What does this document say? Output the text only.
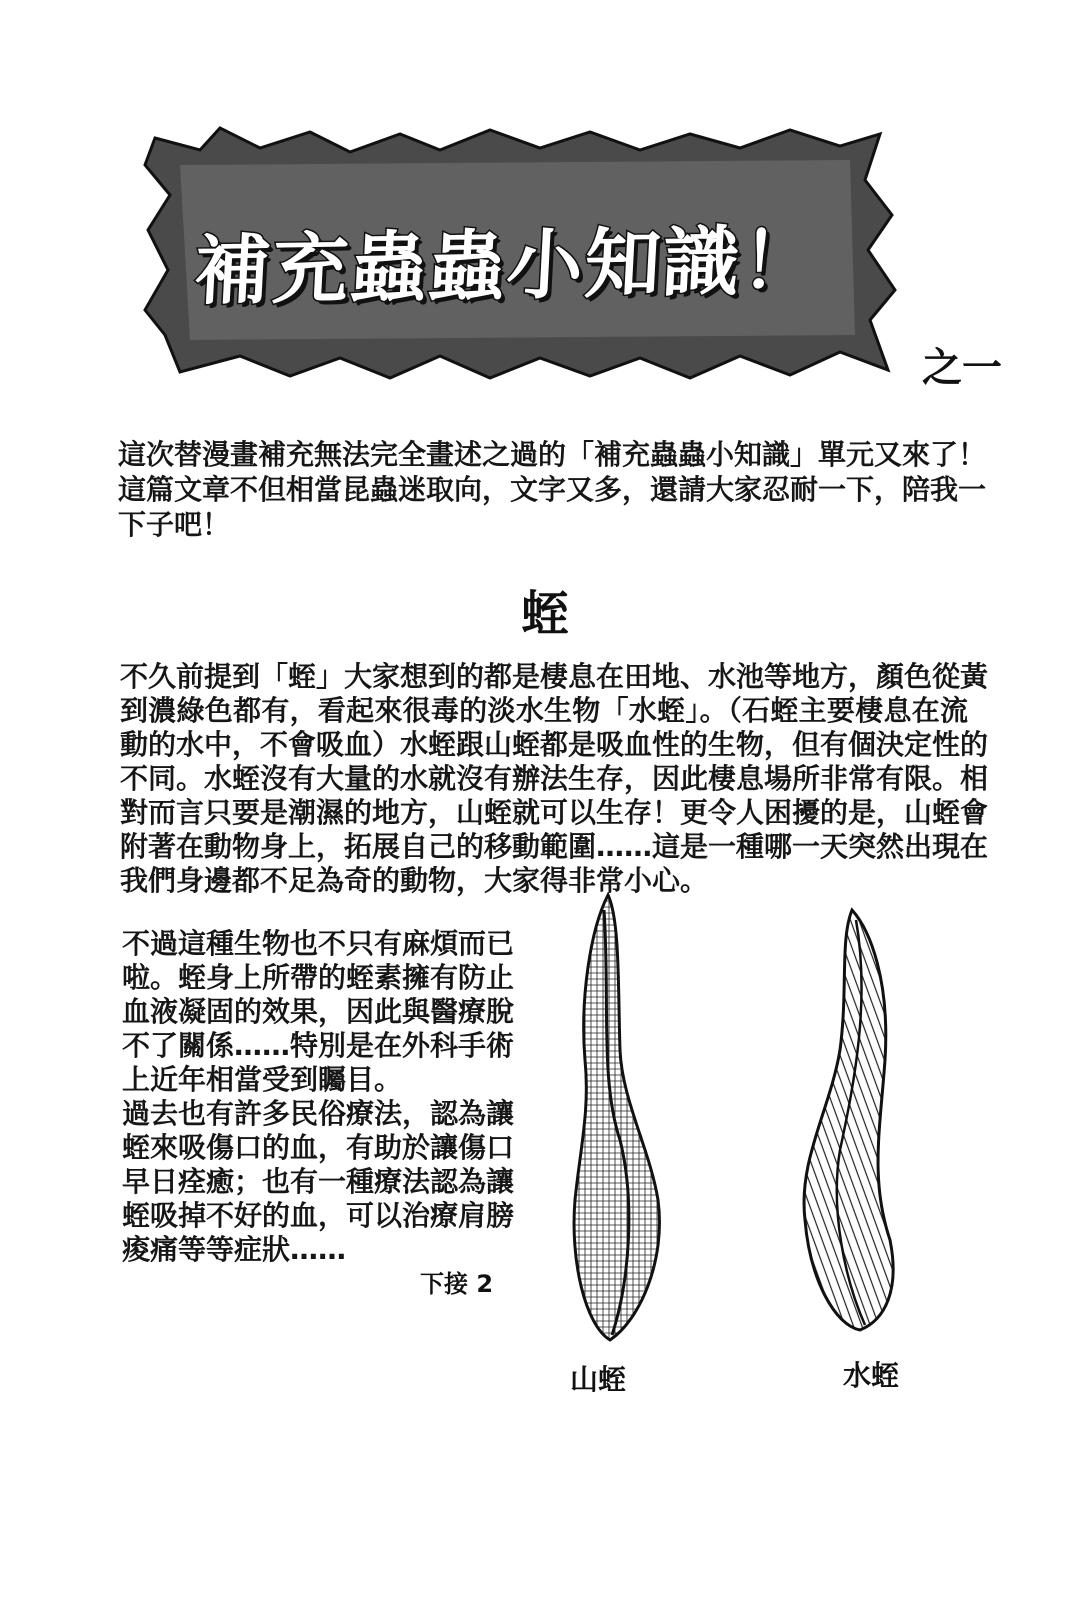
補充蟲蟲小知識！
之一
這次替漫畫補充無法完全畫述之過的「補充蟲蟲小知識」單元又來了！
這篇文章不但相當昆蟲迷取向，文字又多，還請大家忍耐一下，陪我一
下子吧！
蛭
不久前提到「蛭」大家想到的都是棲息在田地、水池等地方，顏色從黃
到濃綠色都有，看起來很毒的淡水生物「水蛭」。（石蛭主要棲息在流
動的水中，不會吸血）水蛭跟山蛭都是吸血性的生物，但有個決定性的
不同。水蛭沒有大量的水就沒有辦法生存，因此棲息場所非常有限。相
對而言只要是潮濕的地方，山蛭就可以生存！更令人困擾的是，山蛭會
附著在動物身上，拓展自己的移動範圍……這是一種哪一天突然出現在
我們身邊都不足為奇的動物，大家得非常小心。
不過這種生物也不只有麻煩而已
啦。蛭身上所帶的蛭素擁有防止
血液凝固的效果，因此與醫療脫
不了關係……特別是在外科手術
上近年相當受到矚目。
過去也有許多民俗療法，認為讓
蛭來吸傷口的血，有助於讓傷口
早日痊癒；也有一種療法認為讓
蛭吸掉不好的血，可以治療肩膀
痠痛等等症狀……
下接 2
山蛭	水蛭
